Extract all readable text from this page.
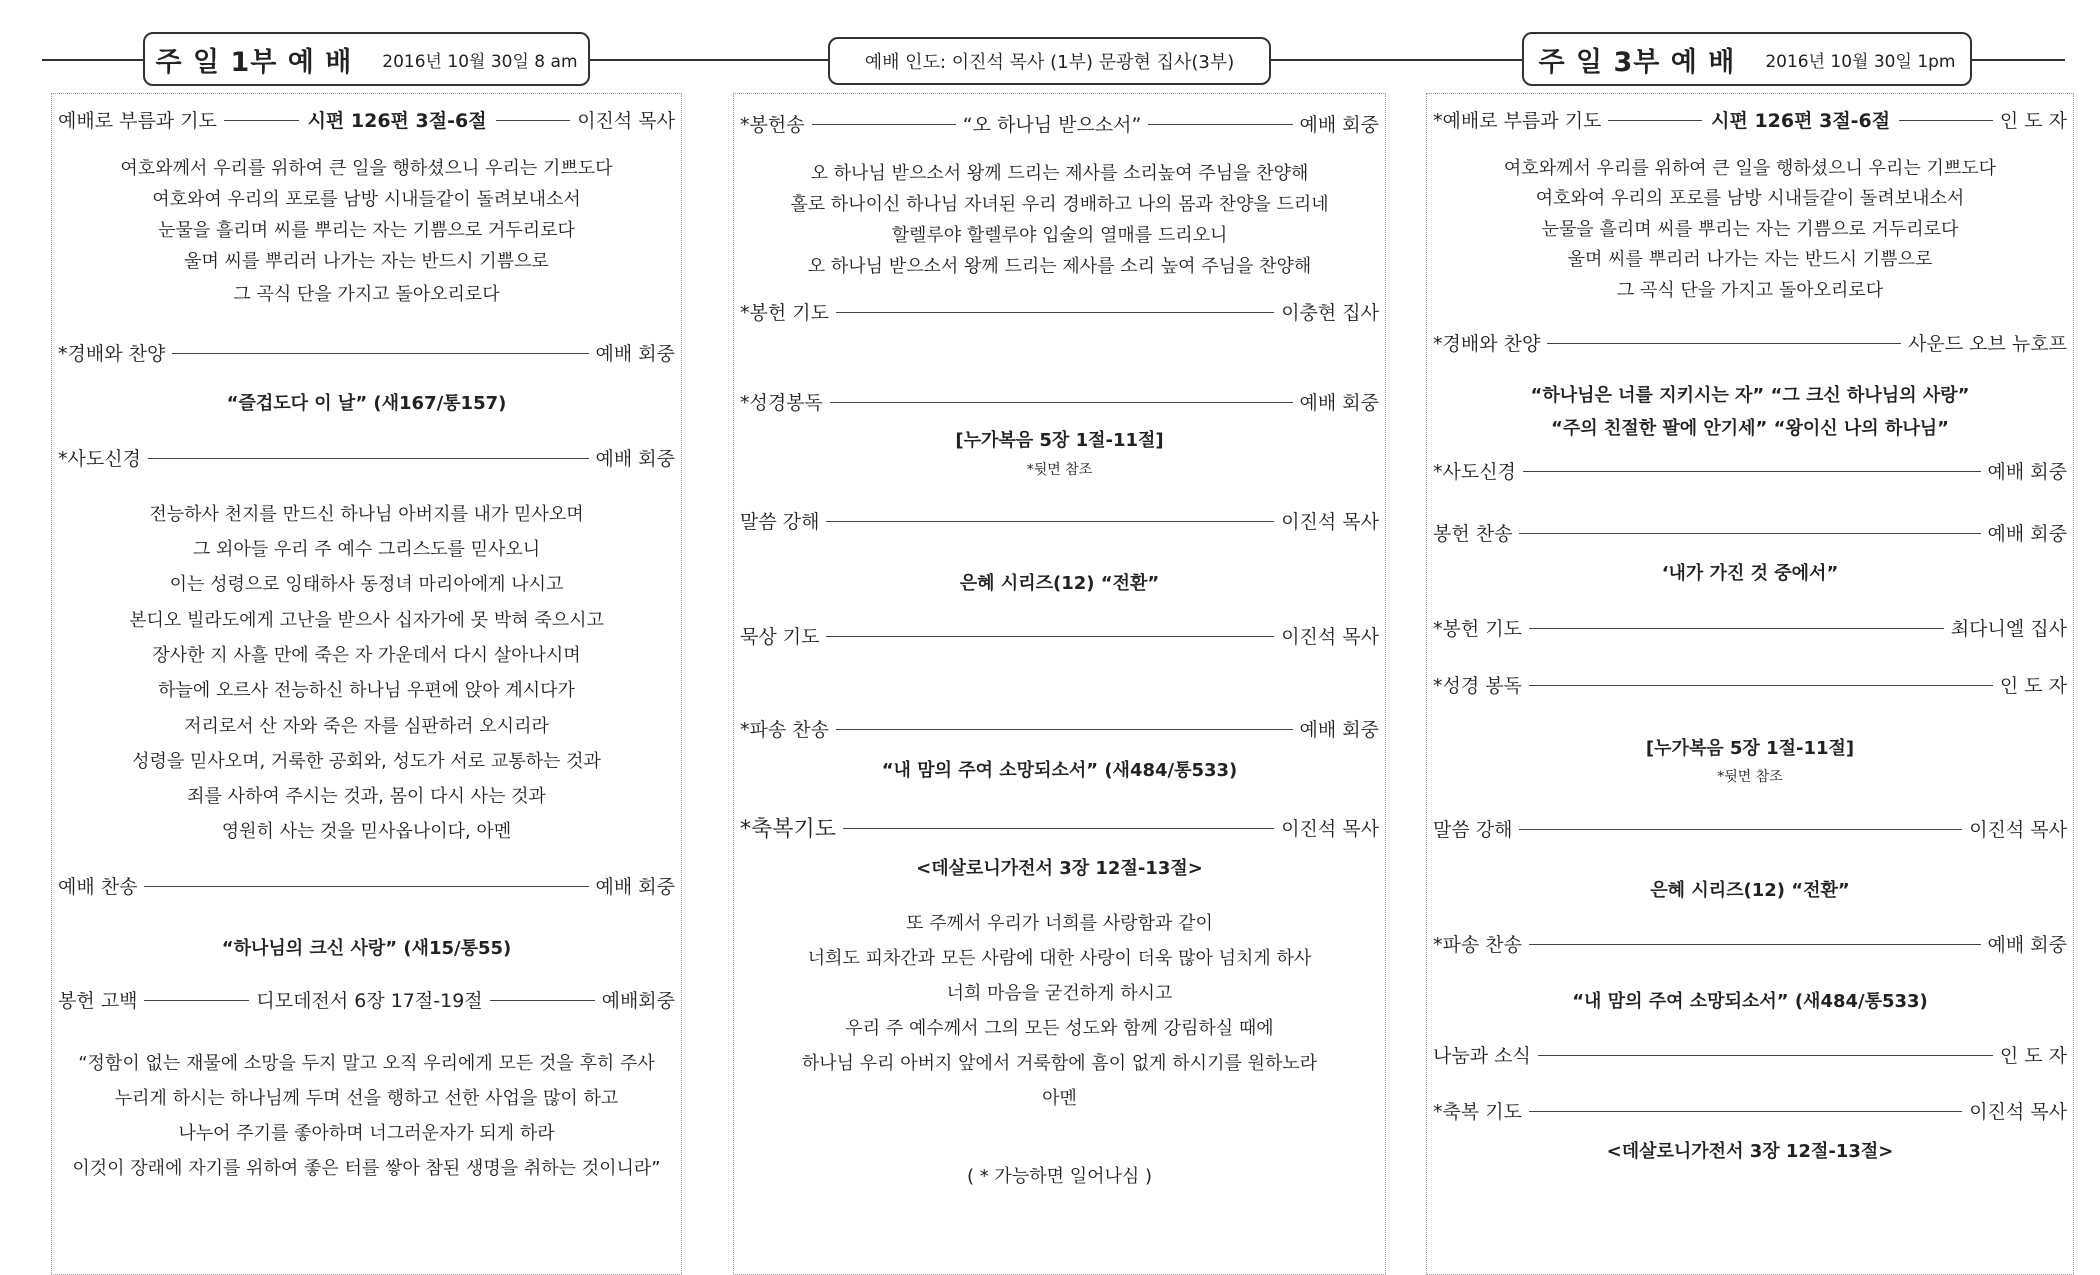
주 일 1부 예 배 2016년 10월 30일 8 am	예배 인도: 이진석 목사 (1부) 문광현 집사(3부)	주 일 3부 예 배 2016년 10월 30일 1pm
예배로 부름과 기도	시편 126편 3절-6절	이진석 목사
여호와께서 우리를 위하여 큰 일을 행하셨으니 우리는 기쁘도다
여호와여 우리의 포로를 남방 시내들같이 돌려보내소서
눈물을 흘리며 씨를 뿌리는 자는 기쁨으로 거두리로다
울며 씨를 뿌리러 나가는 자는 반드시 기쁨으로
그 곡식 단을 가지고 돌아오리로다
*경배와 찬양	예배 회중
“즐겁도다 이 날” (새167/통157)
*사도신경	예배 회중
전능하사 천지를 만드신 하나님 아버지를 내가 믿사오며
그 외아들 우리 주 예수 그리스도를 믿사오니
이는 성령으로 잉태하사 동정녀 마리아에게 나시고
본디오 빌라도에게 고난을 받으사 십자가에 못 박혀 죽으시고
장사한 지 사흘 만에 죽은 자 가운데서 다시 살아나시며
하늘에 오르사 전능하신 하나님 우편에 앉아 계시다가
저리로서 산 자와 죽은 자를 심판하러 오시리라
성령을 믿사오며, 거룩한 공회와, 성도가 서로 교통하는 것과
죄를 사하여 주시는 것과, 몸이 다시 사는 것과
영원히 사는 것을 믿사옵나이다, 아멘
예배 찬송	예배 회중
“하나님의 크신 사랑” (새15/통55)
봉헌 고백	디모데전서 6장 17절-19절	예배회중
“정함이 없는 재물에 소망을 두지 말고 오직 우리에게 모든 것을 후히 주사
누리게 하시는 하나님께 두며 선을 행하고 선한 사업을 많이 하고
나누어 주기를 좋아하며 너그러운자가 되게 하라
이것이 장래에 자기를 위하여 좋은 터를 쌓아 참된 생명을 취하는 것이니라”
*봉헌송	“오 하나님 받으소서”	예배 회중
오 하나님 받으소서 왕께 드리는 제사를 소리높여 주님을 찬양해
홀로 하나이신 하나님 자녀된 우리 경배하고 나의 몸과 찬양을 드리네
할렐루야 할렐루야 입술의 열매를 드리오니
오 하나님 받으소서 왕께 드리는 제사를 소리 높여 주님을 찬양해
*봉헌 기도	이충현 집사
*성경봉독	예배 회중
[누가복음 5장 1절-11절]
*뒷면 참조
말씀 강해	이진석 목사
은혜 시리즈(12) “전환”
묵상 기도	이진석 목사
*파송 찬송	예배 회중
“내 맘의 주여 소망되소서” (새484/통533)
*축복기도	이진석 목사
<데살로니가전서 3장 12절-13절>
또 주께서 우리가 너희를 사랑함과 같이
너희도 피차간과 모든 사람에 대한 사랑이 더욱 많아 넘치게 하사
너희 마음을 굳건하게 하시고
우리 주 예수께서 그의 모든 성도와 함께 강림하실 때에
하나님 우리 아버지 앞에서 거룩함에 흠이 없게 하시기를 원하노라
아멘
( * 가능하면 일어나심 )
*예배로 부름과 기도	시편 126편 3절-6절	인 도 자
여호와께서 우리를 위하여 큰 일을 행하셨으니 우리는 기쁘도다
여호와여 우리의 포로를 남방 시내들같이 돌려보내소서
눈물을 흘리며 씨를 뿌리는 자는 기쁨으로 거두리로다
울며 씨를 뿌리러 나가는 자는 반드시 기쁨으로
그 곡식 단을 가지고 돌아오리로다
*경배와 찬양	사운드 오브 뉴호프
“하나님은 너를 지키시는 자” “그 크신 하나님의 사랑”
“주의 친절한 팔에 안기세” “왕이신 나의 하나님”
*사도신경	예배 회중
봉헌 찬송	예배 회중
‘내가 가진 것 중에서”
*봉헌 기도	최다니엘 집사
*성경 봉독	인 도 자
[누가복음 5장 1절-11절]
*뒷면 참조
말씀 강해	이진석 목사
은혜 시리즈(12) “전환”
*파송 찬송	예배 회중
“내 맘의 주여 소망되소서” (새484/통533)
나눔과 소식	인 도 자
*축복 기도	이진석 목사
<데살로니가전서 3장 12절-13절>
